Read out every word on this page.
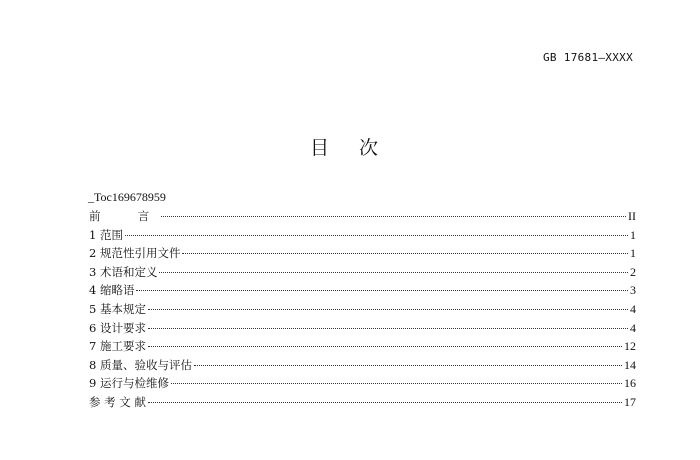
GB 17681—XXXX
目 次
_Toc169678959
前  言	II
1 范围	1
2 规范性引用文件	1
3 术语和定义	2
4 缩略语	3
5 基本规定	4
6 设计要求	4
7 施工要求	12
8 质量、验收与评估	14
9 运行与检维修	16
参 考 文 献	17
